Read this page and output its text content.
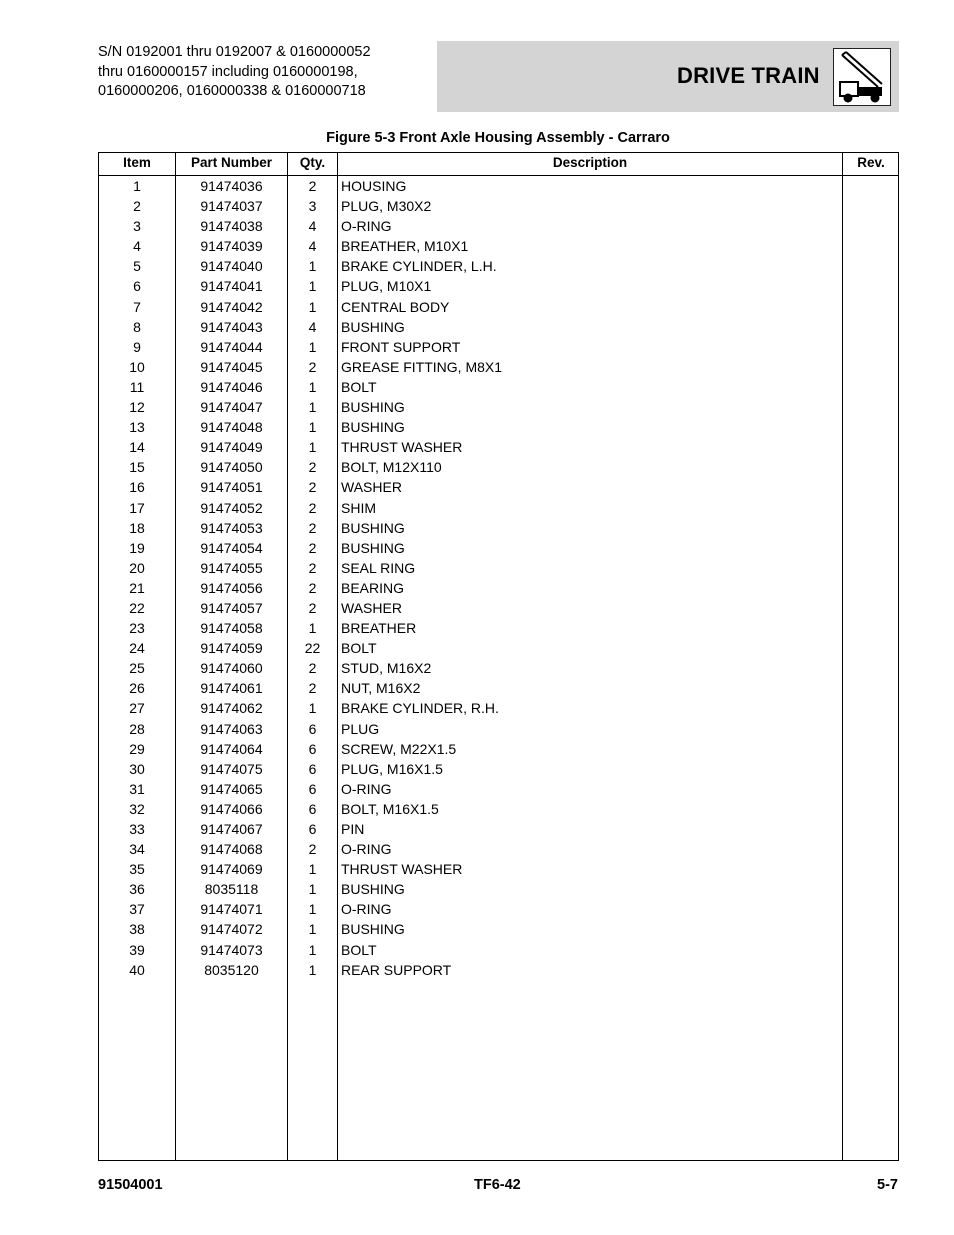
S/N 0192001 thru 0192007 & 0160000052
thru 0160000157 including 0160000198,
0160000206, 0160000338 & 0160000718
DRIVE TRAIN
Figure 5-3 Front Axle Housing Assembly - Carraro
Item	Part Number	Qty.	Description	Rev.
1	91474036	2	HOUSING
2	91474037	3	PLUG, M30X2
3	91474038	4	O-RING
4	91474039	4	BREATHER, M10X1
5	91474040	1	BRAKE CYLINDER, L.H.
6	91474041	1	PLUG, M10X1
7	91474042	1	CENTRAL BODY
8	91474043	4	BUSHING
9	91474044	1	FRONT SUPPORT
10	91474045	2	GREASE FITTING, M8X1
11	91474046	1	BOLT
12	91474047	1	BUSHING
13	91474048	1	BUSHING
14	91474049	1	THRUST WASHER
15	91474050	2	BOLT, M12X110
16	91474051	2	WASHER
17	91474052	2	SHIM
18	91474053	2	BUSHING
19	91474054	2	BUSHING
20	91474055	2	SEAL RING
21	91474056	2	BEARING
22	91474057	2	WASHER
23	91474058	1	BREATHER
24	91474059	22	BOLT
25	91474060	2	STUD, M16X2
26	91474061	2	NUT, M16X2
27	91474062	1	BRAKE CYLINDER, R.H.
28	91474063	6	PLUG
29	91474064	6	SCREW, M22X1.5
30	91474075	6	PLUG, M16X1.5
31	91474065	6	O-RING
32	91474066	6	BOLT, M16X1.5
33	91474067	6	PIN
34	91474068	2	O-RING
35	91474069	1	THRUST WASHER
36	8035118	1	BUSHING
37	91474071	1	O-RING
38	91474072	1	BUSHING
39	91474073	1	BOLT
40	8035120	1	REAR SUPPORT
91504001	TF6-42	5-7
